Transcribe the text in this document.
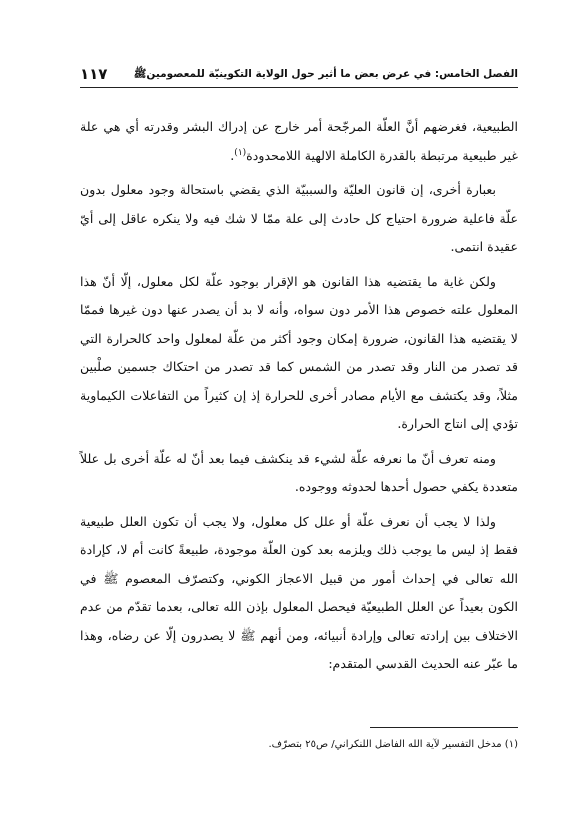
الفصل الخامس: في عرض بعض ما أثير حول الولاية التكوينيّة للمعصومينﷺ
١١٧

الطبيعية، فغرضهم أنَّ العلّة المرجّحة أمر خارج عن إدراك البشر وقدرته أي هي علة غير طبيعية مرتبطة بالقدرة الكاملة الالهية اللامحدودة$^{(١)}$.

بعبارة أخرى، إن قانون العليّة والسببيّة الذي يقضي باستحالة وجود معلول بدون علّة فاعلية ضرورة احتياج كل حادث إلى علة ممّا لا شك فيه ولا ينكره عاقل إلى أيّ عقيدة انتمى.

ولكن غاية ما يقتضيه هذا القانون هو الإقرار بوجود علّة لكل معلول، إلّا أنّ هذا المعلول علته خصوص هذا الأمر دون سواه، وأنه لا بد أن يصدر عنها دون غيرها فممّا لا يقتضيه هذا القانون، ضرورة إمكان وجود أكثر من علّة لمعلول واحد كالحرارة التي قد تصدر من النار وقد تصدر من الشمس كما قد تصدر من احتكاك جسمين صلْبين مثلاً، وقد يكتشف مع الأيام مصادر أخرى للحرارة إذ إن كثيراً من التفاعلات الكيماوية تؤدي إلى انتاج الحرارة.

ومنه تعرف أنّ ما نعرفه علّة لشيء قد ينكشف فيما بعد أنّ له علّة أخرى بل عللاً متعددة يكفي حصول أحدها لحدوثه ووجوده.

ولذا لا يجب أن نعرف علّة أو علل كل معلول، ولا يجب أن تكون العلل طبيعية فقط إذ ليس ما يوجب ذلك ويلزمه بعد كون العلّة موجودة، طبيعةً كانت أم لا، كإرادة الله تعالى في إحداث أمور من قبيل الاعجاز الكوني، وكتصرّف المعصوم ﷺ في الكون بعيداً عن العلل الطبيعيّة فيحصل المعلول بإذن الله تعالى، بعدما تقدّم من عدم الاختلاف بين إرادته تعالى وإرادة أنبيائه، ومن أنهم ﷺ لا يصدرون إلّا عن رضاه، وهذا ما عبّر عنه الحديث القدسي المتقدم:

(١) مدخل التفسير لآية الله الفاضل اللنكراني/ ص٢٥ بتصرّف.
